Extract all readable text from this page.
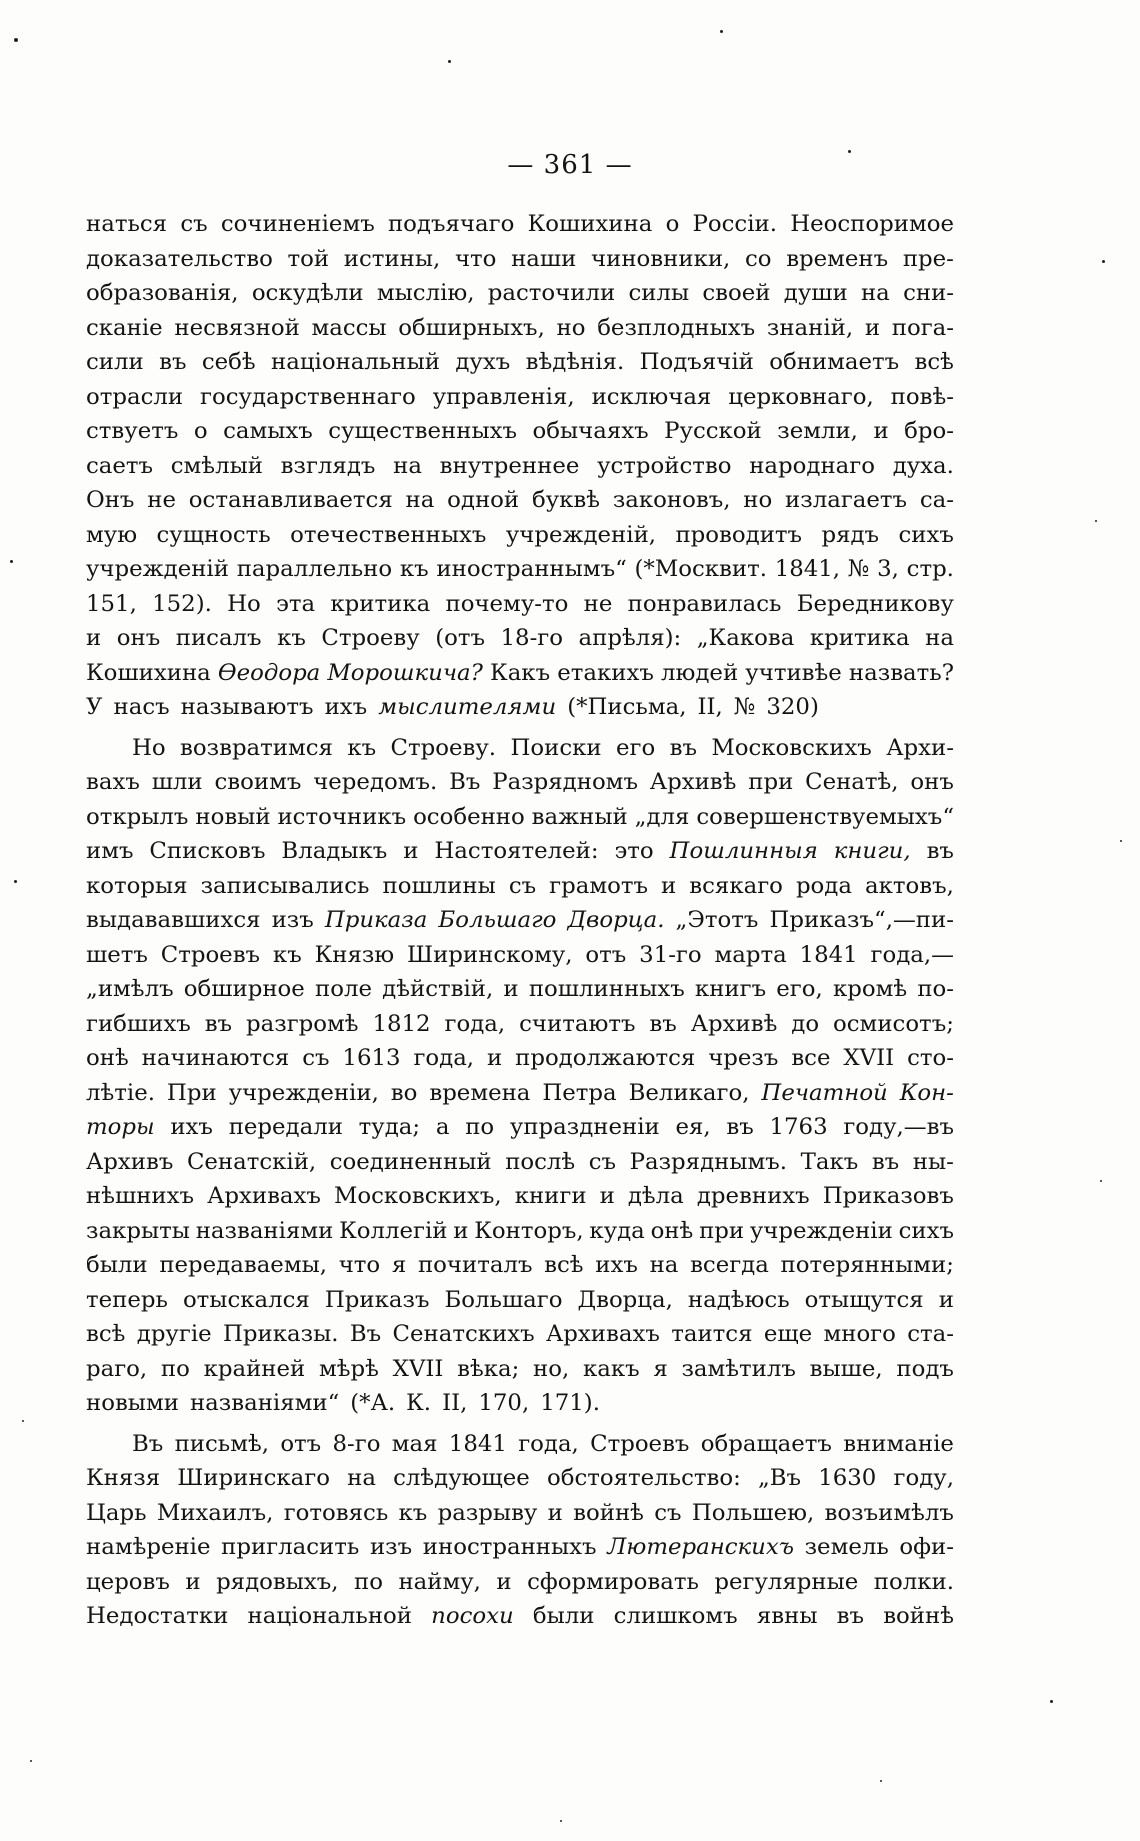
— 361 —
наться съ сочиненіемъ подъячаго Кошихина о Россіи. Неоспоримое
доказательство той истины, что наши чиновники, со временъ пре-
образованія, оскудѣли мыслію, расточили силы своей души на сни-
сканіе несвязной массы обширныхъ, но безплодныхъ знаній, и пога-
сили въ себѣ національный духъ вѣдѣнія. Подъячій обнимаетъ всѣ
отрасли государственнаго управленія, исключая церковнаго, повѣ-
ствуетъ о самыхъ существенныхъ обычаяхъ Русской земли, и бро-
саетъ смѣлый взглядъ на внутреннее устройство народнаго духа.
Онъ не останавливается на одной буквѣ законовъ, но излагаетъ са-
мую сущность отечественныхъ учрежденій, проводитъ рядъ сихъ
учрежденій параллельно къ иностраннымъ“ (*Москвит. 1841, № 3, стр.
151, 152). Но эта критика почему-то не понравилась Бередникову
и онъ писалъ къ Строеву (отъ 18-го апрѣля): „Какова критика на
Кошихина Ѳеодора Морошкича? Какъ етакихъ людей учтивѣе назвать?
У насъ называютъ ихъ мыслителями (*Письма, II, № 320)
Но возвратимся къ Строеву. Поиски его въ Московскихъ Архи-
вахъ шли своимъ чередомъ. Въ Разрядномъ Архивѣ при Сенатѣ, онъ
открылъ новый источникъ особенно важный „для совершенствуемыхъ“
имъ Списковъ Владыкъ и Настоятелей: это Пошлинныя книги, въ
которыя записывались пошлины съ грамотъ и всякаго рода актовъ,
выдававшихся изъ Приказа Большаго Дворца. „Этотъ Приказъ“,—пи-
шетъ Строевъ къ Князю Ширинскому, отъ 31-го марта 1841 года,—
„имѣлъ обширное поле дѣйствій, и пошлинныхъ книгъ его, кромѣ по-
гибшихъ въ разгромѣ 1812 года, считаютъ въ Архивѣ до осмисотъ;
онѣ начинаются съ 1613 года, и продолжаются чрезъ все XVII сто-
лѣтіе. При учрежденіи, во времена Петра Великаго, Печатной Кон-
торы ихъ передали туда; а по упраздненіи ея, въ 1763 году,—въ
Архивъ Сенатскій, соединенный послѣ съ Разряднымъ. Такъ въ ны-
нѣшнихъ Архивахъ Московскихъ, книги и дѣла древнихъ Приказовъ
закрыты названіями Коллегій и Конторъ, куда онѣ при учрежденіи сихъ
были передаваемы, что я почиталъ всѣ ихъ на всегда потерянными;
теперь отыскался Приказъ Большаго Дворца, надѣюсь отыщутся и
всѣ другіе Приказы. Въ Сенатскихъ Архивахъ таится еще много ста-
раго, по крайней мѣрѣ XVII вѣка; но, какъ я замѣтилъ выше, подъ
новыми названіями“ (*А. К. II, 170, 171).
Въ письмѣ, отъ 8-го мая 1841 года, Строевъ обращаетъ вниманіе
Князя Ширинскаго на слѣдующее обстоятельство: „Въ 1630 году,
Царь Михаилъ, готовясь къ разрыву и войнѣ съ Польшею, возъимѣлъ
намѣреніе пригласить изъ иностранныхъ Лютеранскихъ земель офи-
церовъ и рядовыхъ, по найму, и сформировать регулярные полки.
Недостатки національной посохи были слишкомъ явны въ войнѣ
